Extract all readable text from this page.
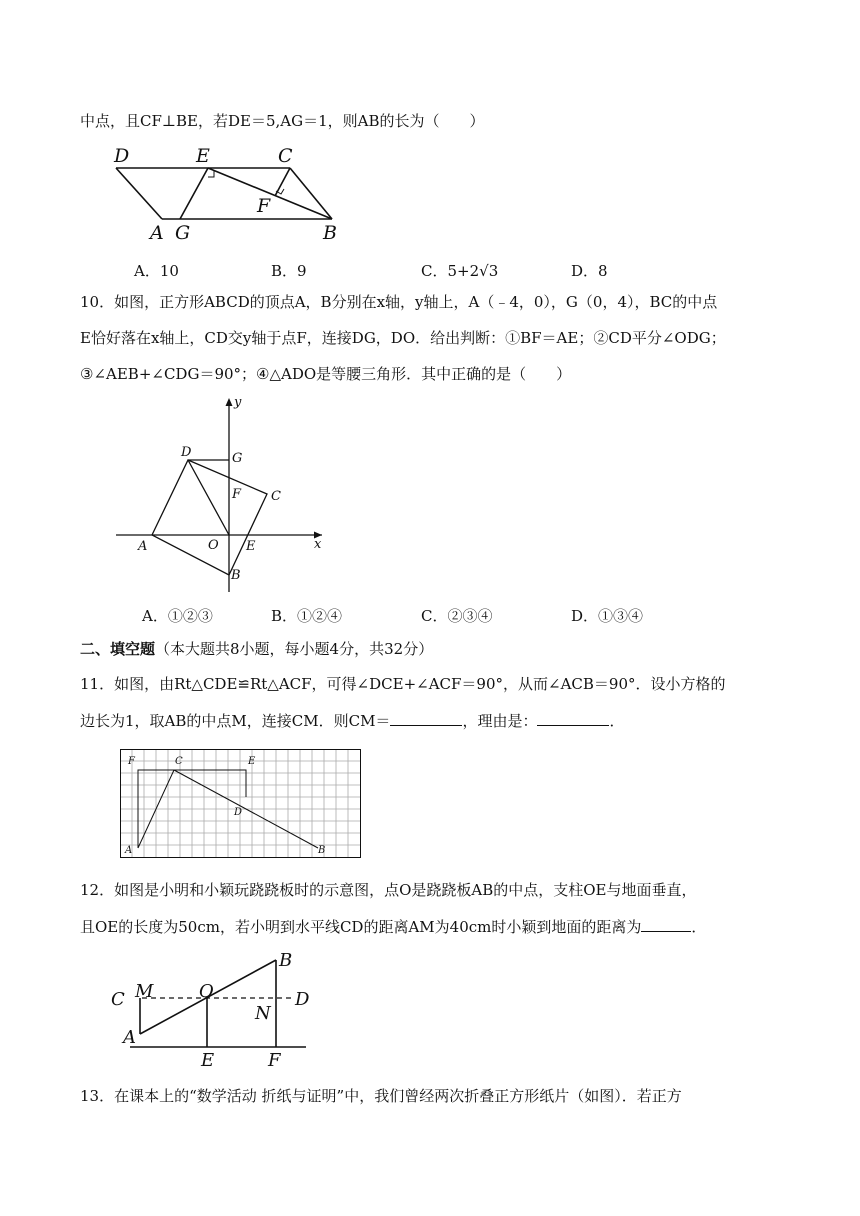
中点，且CF⊥BE，若DE＝5,AG＝1，则AB的长为（　　）
D	E	C
F
A G	B
A．10	B．9	C．5+2√3	D．8
10．如图，正方形ABCD的顶点A，B分别在x轴，y轴上，A（﹣4，0），G（0，4），BC的中点
E恰好落在x轴上，CD交y轴于点F，连接DG，DO．给出判断：①BF＝AE；②CD平分∠ODG；
③∠AEB+∠CDG＝90°；④△ADO是等腰三角形．其中正确的是（　　）
y
x
D	G
F C
A	O E
B
A．①②③	B．①②④	C．②③④	D．①③④
二、填空题（本大题共8小题，每小题4分，共32分）
11．如图，由Rt△CDE≌Rt△ACF，可得∠DCE+∠ACF＝90°，从而∠ACB＝90°．设小方格的
边长为1，取AB的中点M，连接CM．则CM＝	，理由是：	．
F	C	E
D
A	B
12．如图是小明和小颖玩跷跷板时的示意图，点O是跷跷板AB的中点，支柱OE与地面垂直，
且OE的长度为50cm，若小明到水平线CD的距离AM为40cm时小颖到地面的距离为	．
B
C M	O	D
N
A
E	F
13．在课本上的“数学活动 折纸与证明”中，我们曾经两次折叠正方形纸片（如图）．若正方
